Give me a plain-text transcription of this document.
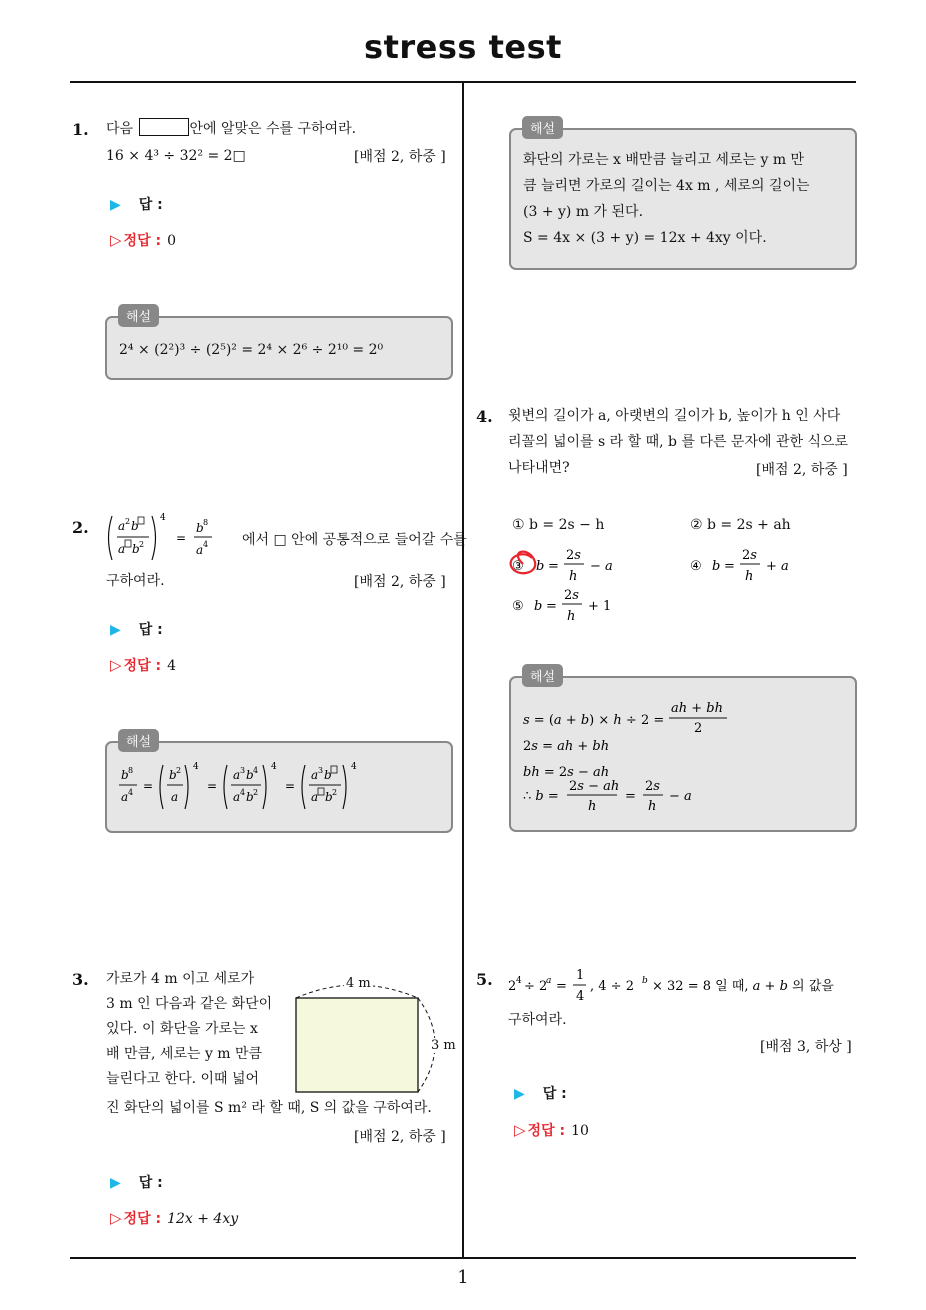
stress test
1
1. 다음	안에 알맞은 수를 구하여라.
16 × 4³ ÷ 32² = 2□	[배점 2, 하중 ]
▶ 답 :
▷ 정답 : 0
2⁴ × (2²)³ ÷ (2⁵)² = 2⁴ × 2⁶ ÷ 2¹⁰ = 2⁰
해설
2. a 2 b
a b 2
4
=
b 8
a 4 에서 □ 안에 공통적으로 들어갈 수를
구하여라.	[배점 2, 하중 ]
▶ 답 :
▷ 정답 : 4
b 8
a 4 =
b 2
a
4
=
a 3 b 4
a 4 b 2
4
=
a 3 b
a b 2
4
해설
3. 가로가 4 m 이고 세로가
3 m 인 다음과 같은 화단이
있다. 이 화단을 가로는 x
배 만큼, 세로는 y m 만큼
늘린다고 한다. 이때 넓어
진 화단의 넓이를 S m² 라 할 때, S 의 값을 구하여라.
4 m
3 m
[배점 2, 하중 ]
▶ 답 :
▷ 정답 : 12x + 4xy
화단의 가로는 x 배만큼 늘리고 세로는 y m 만
큼 늘리면 가로의 길이는 4x m , 세로의 길이는
(3 + y) m 가 된다.
S = 4x × (3 + y) = 12x + 4xy 이다.
해설
4. 윗변의 길이가 a, 아랫변의 길이가 b, 높이가 h 인 사다
리꼴의 넓이를 s 라 할 때, b 를 다른 문자에 관한 식으로
나타내면?	[배점 2, 하중 ]
① b = 2s − h	② b = 2s + ah
③ b =
2s
h
− a	④ b =
2s
h
+ a
⑤ b =
2s
h
+ 1
s = (a + b) × h ÷ 2 =
ah + bh
2
2s = ah + bh
bh = 2s − ah
∴ b =
2s − ah
h
=
2s
h
− a
해설
5. 2 4 ÷ 2
a =
1
4
, 4 ÷ 2 b × 32 = 8 일 때, a + b 의 값을
구하여라.
[배점 3, 하상 ]
▶ 답 :
▷ 정답 : 10
